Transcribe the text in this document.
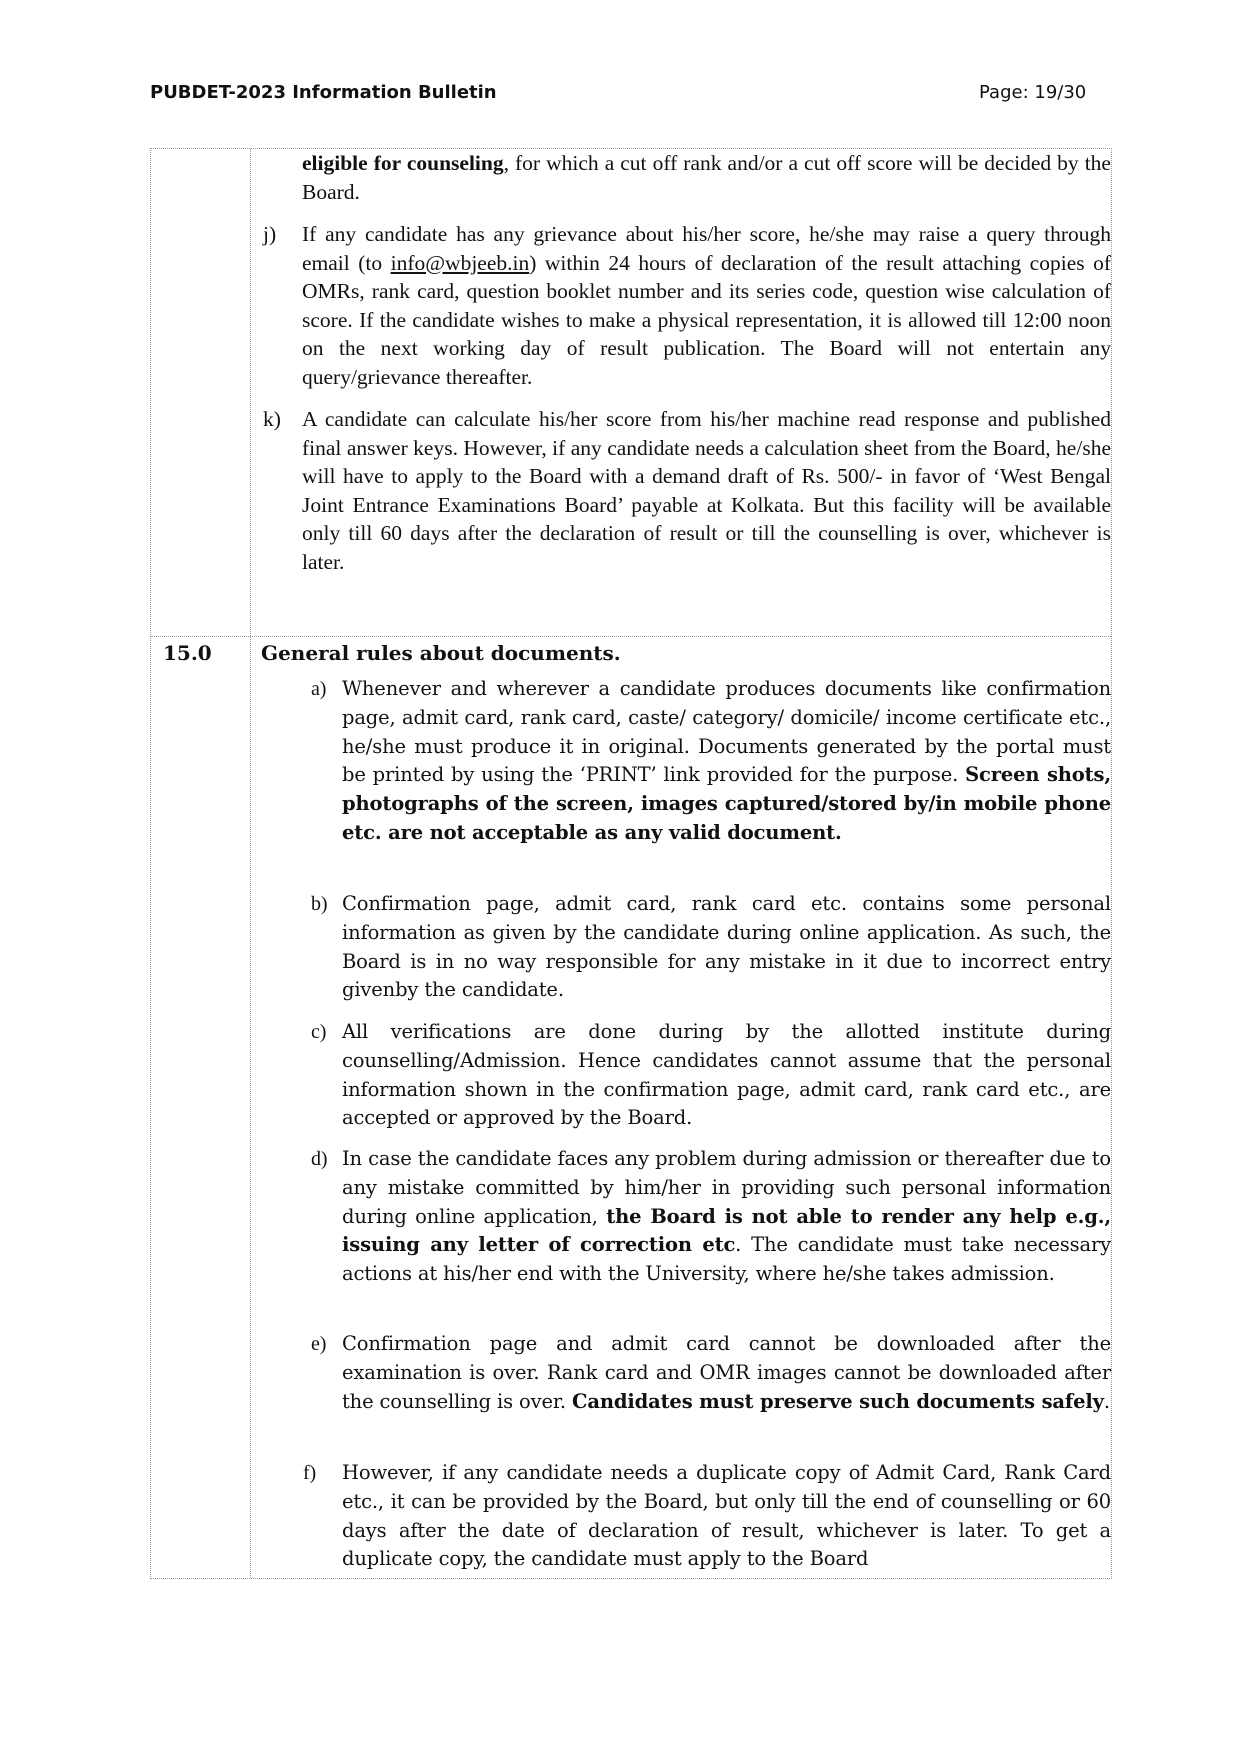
PUBDET-2023 Information Bulletin	Page: 19/30
eligible for counseling, for which a cut off rank and/or a cut off score will be decided by the Board.
j) If any candidate has any grievance about his/her score, he/she may raise a query through email (to info@wbjeeb.in) within 24 hours of declaration of the result attaching copies of OMRs, rank card, question booklet number and its series code, question wise calculation of score. If the candidate wishes to make a physical representation, it is allowed till 12:00 noon on the next working day of result publication. The Board will not entertain any query/grievance thereafter.
k) A candidate can calculate his/her score from his/her machine read response and published final answer keys. However, if any candidate needs a calculation sheet from the Board, he/she will have to apply to the Board with a demand draft of Rs. 500/- in favor of ‘West Bengal Joint Entrance Examinations Board’ payable at Kolkata. But this facility will be available only till 60 days after the declaration of result or till the counselling is over, whichever is later.
15.0 General rules about documents.
a) Whenever and wherever a candidate produces documents like confirmation page, admit card, rank card, caste/ category/ domicile/ income certificate etc., he/she must produce it in original. Documents generated by the portal must be printed by using the ‘PRINT’ link provided for the purpose. Screen shots, photographs of the screen, images captured/stored by/in mobile phone etc. are not acceptable as any valid document.
b) Confirmation page, admit card, rank card etc. contains some personal information as given by the candidate during online application. As such, the Board is in no way responsible for any mistake in it due to incorrect entry givenby the candidate.
c) All verifications are done during by the allotted institute during counselling/Admission. Hence candidates cannot assume that the personal information shown in the confirmation page, admit card, rank card etc., are accepted or approved by the Board.
d) In case the candidate faces any problem during admission or thereafter due to any mistake committed by him/her in providing such personal information during online application, the Board is not able to render any help e.g., issuing any letter of correction etc. The candidate must take necessary actions at his/her end with the University, where he/she takes admission.
e) Confirmation page and admit card cannot be downloaded after the examination is over. Rank card and OMR images cannot be downloaded after the counselling is over. Candidates must preserve such documents safely.
f) However, if any candidate needs a duplicate copy of Admit Card, Rank Card etc., it can be provided by the Board, but only till the end of counselling or 60 days after the date of declaration of result, whichever is later. To get a duplicate copy, the candidate must apply to the Board
